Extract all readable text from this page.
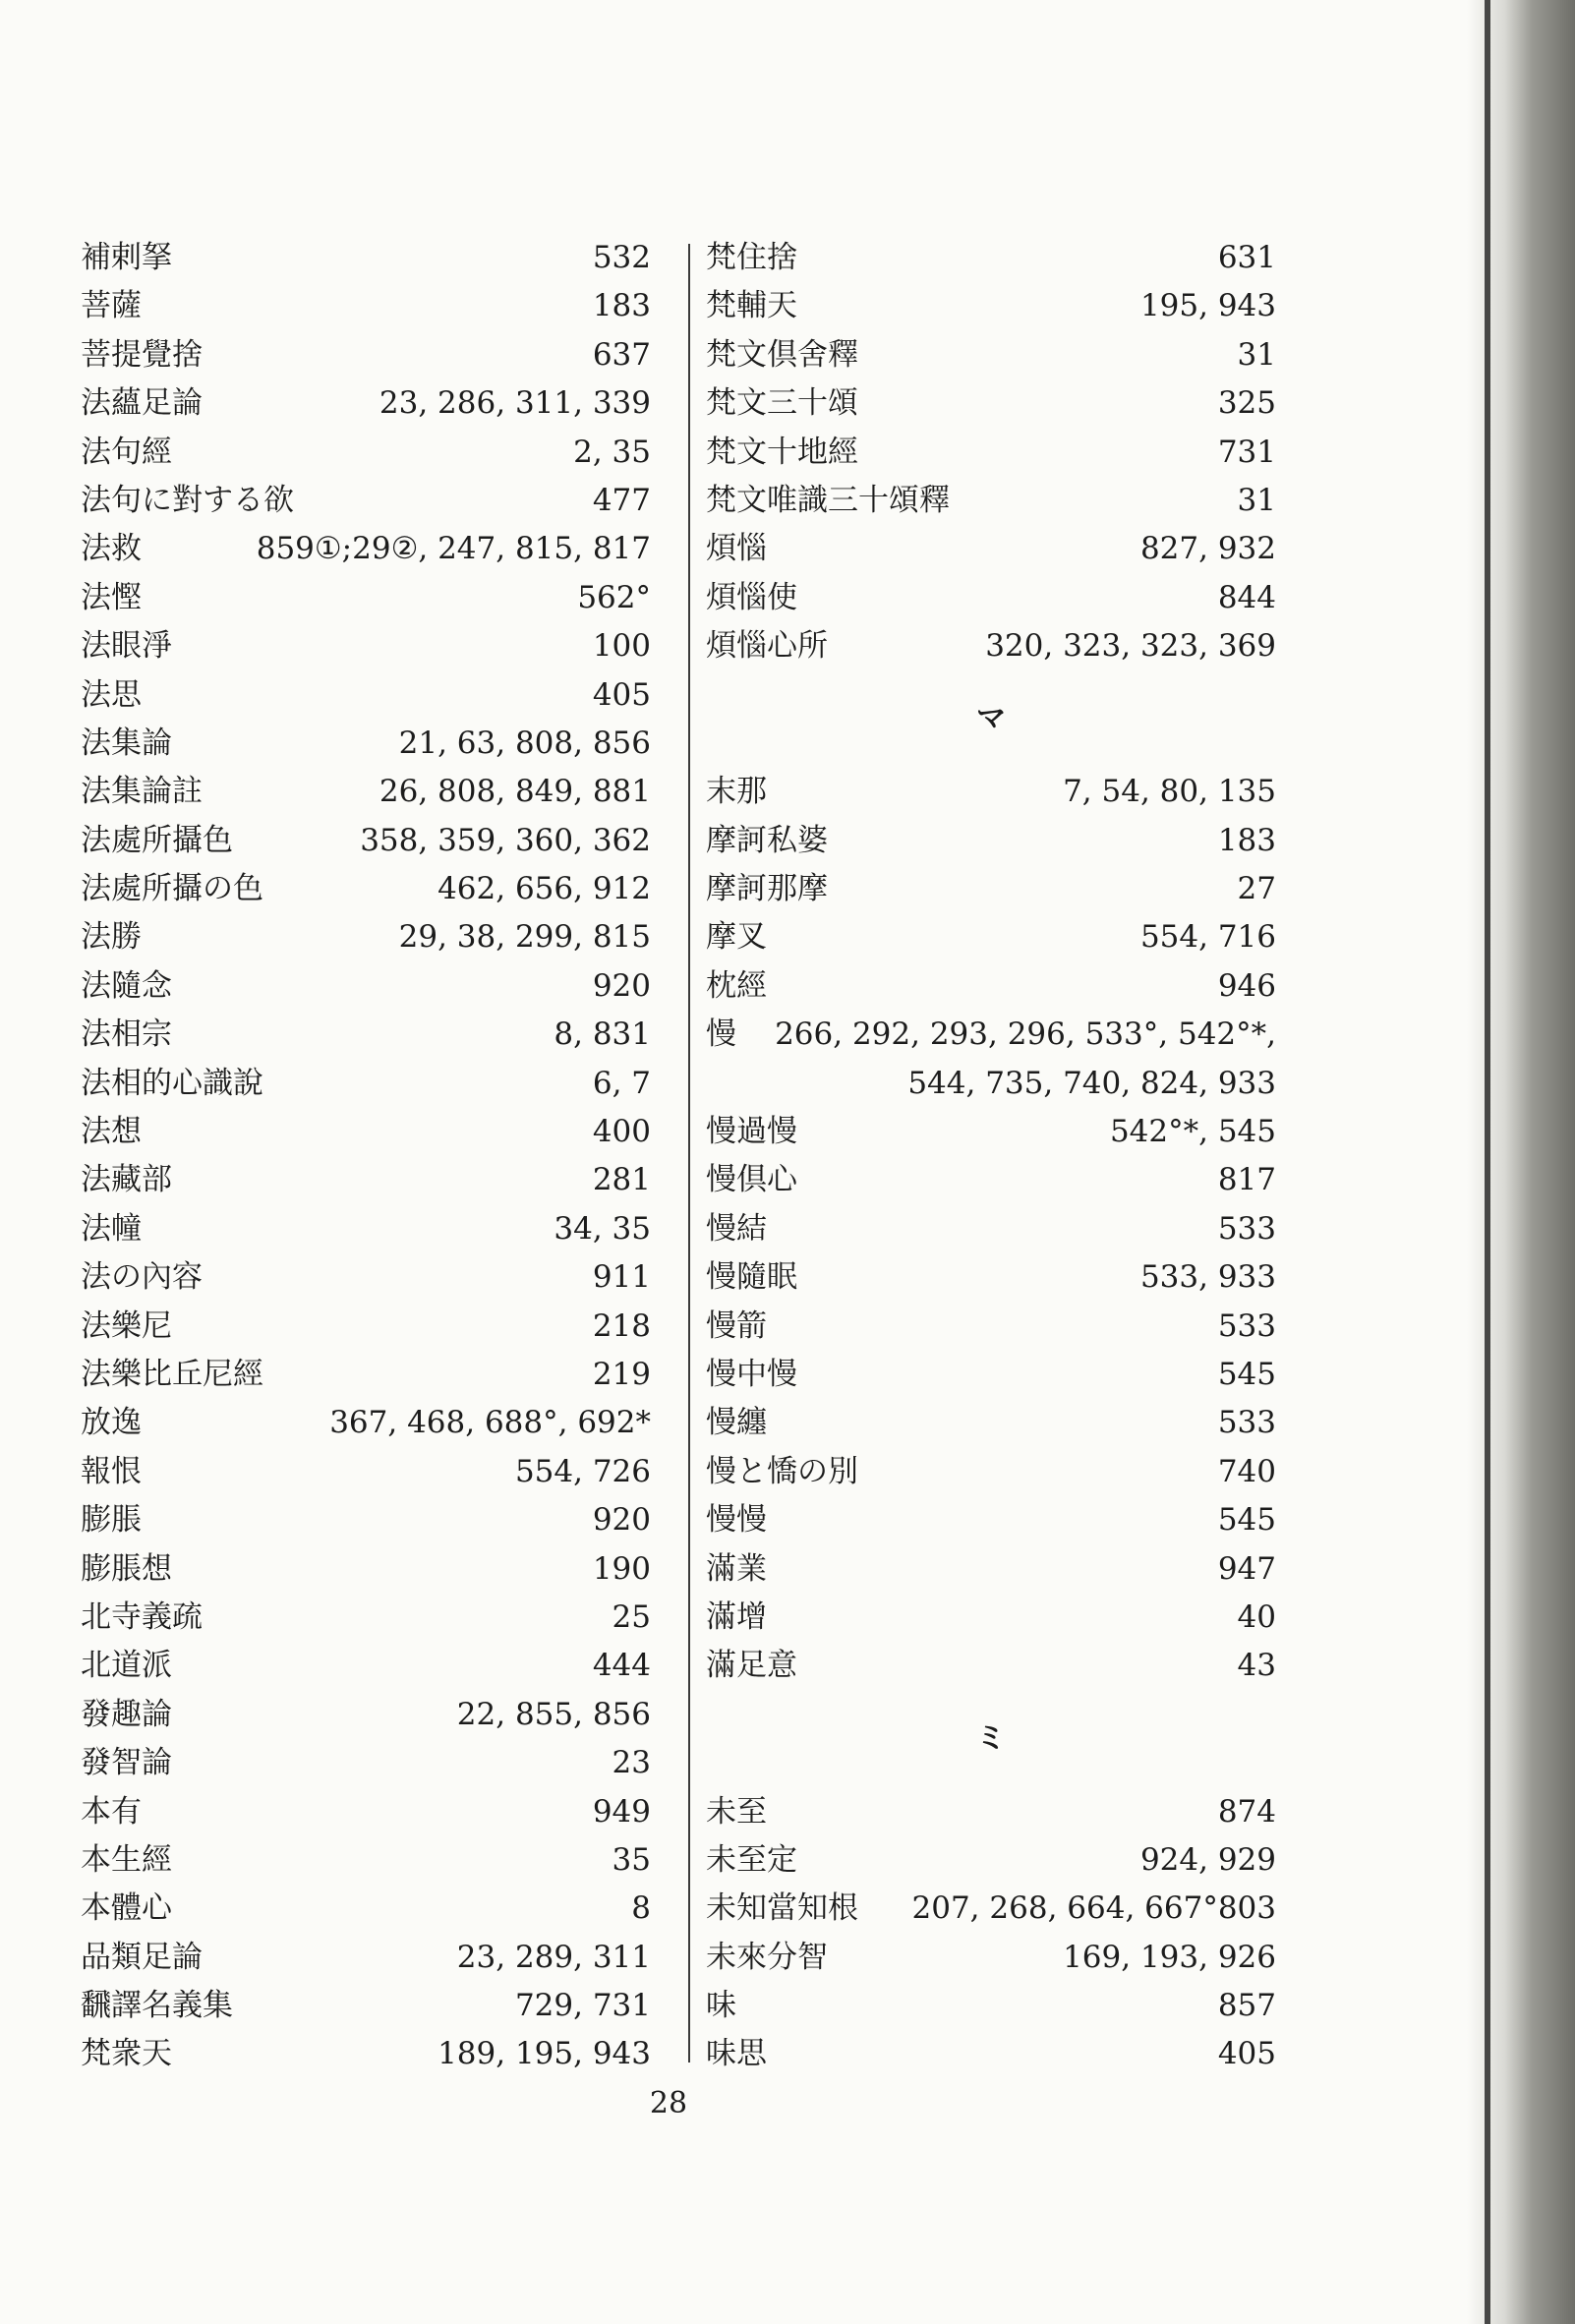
補剌拏	532
菩薩	183
菩提覺捨	637
法蘊足論	23, 286, 311, 339
法句經	2, 35
法句に對する欲	477
法救	859①;29②, 247, 815, 817
法慳	562°
法眼淨	100
法思	405
法集論	21, 63, 808, 856
法集論註	26, 808, 849, 881
法處所攝色	358, 359, 360, 362
法處所攝の色	462, 656, 912
法勝	29, 38, 299, 815
法隨念	920
法相宗	8, 831
法相的心識說	6, 7
法想	400
法藏部	281
法幢	34, 35
法の內容	911
法樂尼	218
法樂比丘尼經	219
放逸	367, 468, 688°, 692*
報恨	554, 726
膨脹	920
膨脹想	190
北寺義疏	25
北道派	444
發趣論	22, 855, 856
發智論	23
本有	949
本生經	35
本體心	8
品類足論	23, 289, 311
飜譯名義集	729, 731
梵衆天	189, 195, 943
梵住捨	631
梵輔天	195, 943
梵文倶舍釋	31
梵文三十頌	325
梵文十地經	731
梵文唯識三十頌釋	31
煩惱	827, 932
煩惱使	844
煩惱心所	320, 323, 323, 369
マ
末那	7, 54, 80, 135
摩訶私婆	183
摩訶那摩	27
摩叉	554, 716
枕經	946
慢 266, 292, 293, 296, 533°, 542°*,
544, 735, 740, 824, 933
慢過慢	542°*, 545
慢倶心	817
慢結	533
慢隨眠	533, 933
慢箭	533
慢中慢	545
慢纏	533
慢と憍の別	740
慢慢	545
滿業	947
滿增	40
滿足意	43
ミ
未至	874
未至定	924, 929
未知當知根 207, 268, 664, 667°803
未來分智	169, 193, 926
味	857
味思	405
28
